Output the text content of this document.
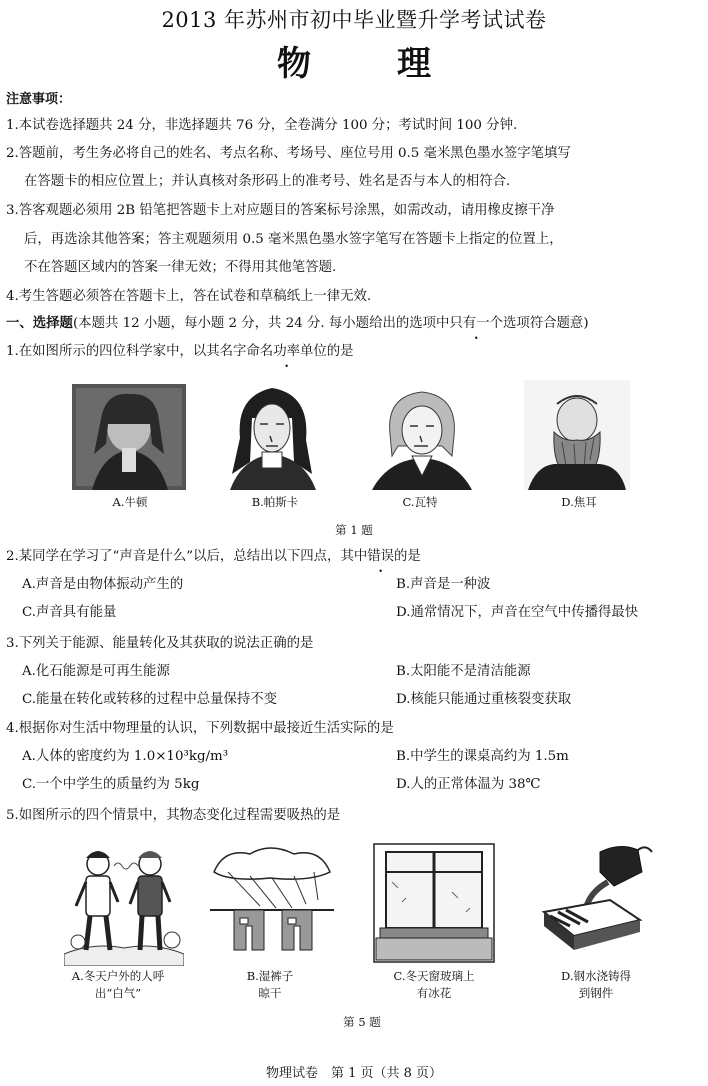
2013 年苏州市初中毕业暨升学考试试卷
物	理
注意事项：
1.本试卷选择题共 24 分，非选择题共 76 分，全卷满分 100 分；考试时间 100 分钟.
2.答题前，考生务必将自己的姓名、考点名称、考场号、座位号用 0.5 毫米黑色墨水签字笔填写
在答题卡的相应位置上；并认真核对条形码上的准考号、姓名是否与本人的相符合.
3.答客观题必须用 2B 铅笔把答题卡上对应题目的答案标号涂黑，如需改动，请用橡皮擦干净
后，再选涂其他答案；答主观题须用 0.5 毫米黑色墨水签字笔写在答题卡上指定的位置上，
不在答题区域内的答案一律无效；不得用其他笔答题.
4.考生答题必须答在答题卡上，答在试卷和草稿纸上一律无效.
一、选择题(本题共 12 小题，每小题 2 分，共 24 分. 每小题给出的选项中只有一个选项符合题意)
1.在如图所示的四位科学家中，以其名字命名功率单位的是
A.牛顿	B.帕斯卡	C.瓦特	D.焦耳
第 1 题
2.某同学在学习了“声音是什么”以后，总结出以下四点，其中错误的是
A.声音是由物体振动产生的	B.声音是一种波
C.声音具有能量	D.通常情况下，声音在空气中传播得最快
3.下列关于能源、能量转化及其获取的说法正确的是
A.化石能源是可再生能源	B.太阳能不是清洁能源
C.能量在转化或转移的过程中总量保持不变	D.核能只能通过重核裂变获取
4.根据你对生活中物理量的认识，下列数据中最接近生活实际的是
A.人体的密度约为 1.0×10³kg/m³	B.中学生的课桌高约为 1.5m
C.一个中学生的质量约为 5kg	D.人的正常体温为 38℃
5.如图所示的四个情景中，其物态变化过程需要吸热的是
A.冬天户外的人呼
出“白气”
B.湿裤子
晾干
C.冬天窗玻璃上
有冰花
D.钢水浇铸得
到钢件
第 5 题
物理试卷　第 1 页（共 8 页）
